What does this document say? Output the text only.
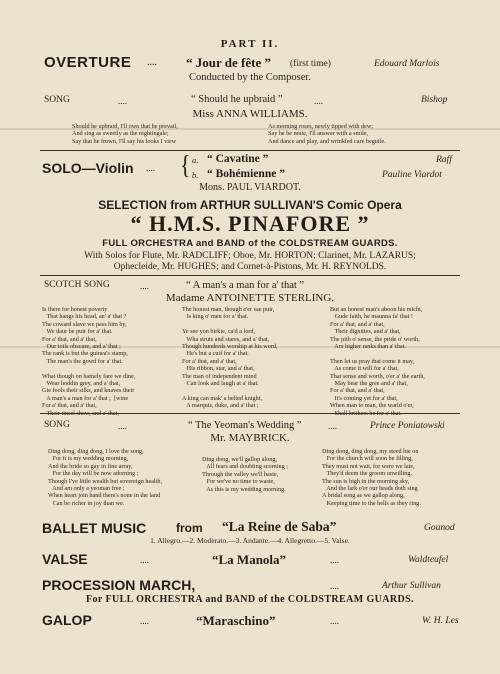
PART II.
OVERTURE .... “ Jour de fête ” (first time)	Edouard Marlois
Conducted by the Composer.
SONG	....	“ Should he upbraid ”	....	Bishop
Miss ANNA WILLIAMS.
Should he upbraid, I'll own that he prevail,
And sing as sweetly as the nightingale;
Say that he frown, I'll say his looks I view
As morning roses, newly tipped with dew;
Say he be mute, I'll answer with a smile,
And dance and play, and wrinkled care beguile.
SOLO—Violin .... { a. “ Cavatine ”	Raff
b. “ Bohémienne ”	Pauline Viardot
Mons. PAUL VIARDOT.
SELECTION from ARTHUR SULLIVAN'S Comic Opera
“ H.M.S. PINAFORE ”
FULL ORCHESTRA and BAND of the COLDSTREAM GUARDS.
With Solos for Flute, Mr. RADCLIFF; Oboe, Mr. HORTON; Clarinet, Mr. LAZARUS;
Ophecleide, Mr. HUGHES; and Cornet-à-Pistons, Mr. H. REYNOLDS.
SCOTCH SONG	....	“ A man's a man for a' that ”
Madame ANTOINETTE STERLING.
Is there for honest poverty
That hangs his head, an' a' that ?
The coward slave we pass him by,
We daur be puir for a' that.
For a' that, and a' that,
Our toils obscure, and a' that ;
The rank is but the guinea's stamp,
The man's the gowd for a' that.

What though on hamely fare we dine,
Wear hoddin grey, and a' that,
Gie fools their silks, and knaves their
A man's a man for a' that ;  [wine
For a' that, and a' that,

The honest man, though e'er sae puir,
Is king o' men for a' that.

Ye see yon birkie, ca'd a lord,
Wha struts and stares, and a' that,
Though hundreds worship at his word,
He's but a cuif for a' that.
For a' that, and a' that,
His ribbon, star, and a' that,
The man of independent mind
Can look and laugh at a' that.

A king can mak' a belted knight,
A marquis, duke, and a' that ;
But an honest man's aboon his micht,
Gude faith, he maunna fa' that !
For a' that, and a' that,
Their dignities, and a' that,
The pith o' sense, the pride o' worth,
Are higher ranks than a' that.

Then let us pray that come it may,
As come it will for a' that,
That sense and worth, o'er a' the earth,
May bear the gree and a' that,
For a' that, and a' that,
It's coming yet for a' that,
When man to man, the warld o'er,

SONG	....	“ The Yeoman's Wedding ”	....	Prince Poniatowski
Mr. MAYBRICK.
Ding dong, ding dong, I love the song,
For it is my wedding morning,
And the bride so gay in fine array,
For the day will be now adorning ;
Though I've little wealth but sovereign health,
And am only a yeoman free ;
When heart join hand there's none in the land
Can be richer in joy than we.
Ding dong, we'll gallop along,
All fears and doubting scorning ;
Through the valley we'll haste,
For we've no time to waste,
As this is my wedding morning.
Ding dong, ding dong, my steed hie on
For the church will soon be filling,
They must not wait, for were we late,
They'd deem the groom unwilling.
The sun is high in the morning sky,
And the lark o'er our heads doth sing
A bridal song as we gallop along,
Keeping time to the bells as they ring.
BALLET MUSIC from “La Reine de Saba”	Gounod
1. Allegro.—2. Moderato.—3. Andante.—4. Allegretto.—5. Valse.
VALSE	....	“La Manola”	....	Waldteufel
PROCESSION MARCH,	....	Arthur Sullivan
For FULL ORCHESTRA and BAND of the COLDSTREAM GUARDS.
GALOP	....	“Maraschino”	....	W. H. Les
